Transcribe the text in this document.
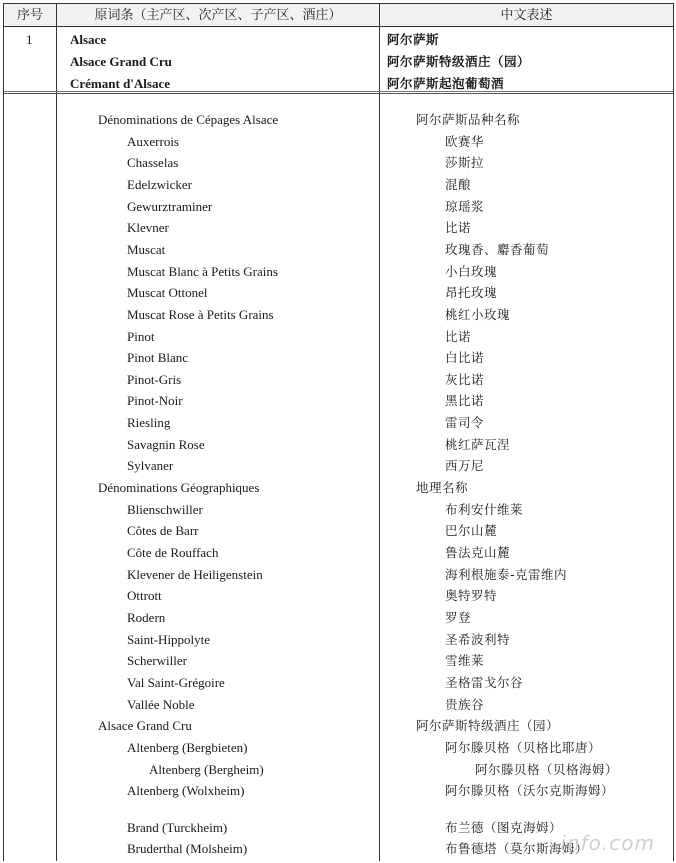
序号	原词条（主产区、次产区、子产区、酒庄）	中文表述
1	Alsace	阿尔萨斯
Alsace Grand Cru	阿尔萨斯特级酒庄（园）
Crémant d'Alsace	阿尔萨斯起泡葡萄酒
Dénominations de Cépages Alsace	阿尔萨斯品种名称
Auxerrois	欧赛华
Chasselas	莎斯拉
Edelzwicker	混酿
Gewurztraminer	琼瑶浆
Klevner	比诺
Muscat	玫瑰香、麝香葡萄
Muscat Blanc à Petits Grains	小白玫瑰
Muscat Ottonel	昂托玫瑰
Muscat Rose à Petits Grains	桃红小玫瑰
Pinot	比诺
Pinot Blanc	白比诺
Pinot-Gris	灰比诺
Pinot-Noir	黑比诺
Riesling	雷司令
Savagnin Rose	桃红萨瓦涅
Sylvaner	西万尼
Dénominations Géographiques	地理名称
Blienschwiller	布利安什维莱
Côtes de Barr	巴尔山麓
Côte de Rouffach	鲁法克山麓
Klevener de Heiligenstein	海利根施泰-克雷维内
Ottrott	奥特罗特
Rodern	罗登
Saint-Hippolyte	圣希波利特
Scherwiller	雪维莱
Val Saint-Grégoire	圣格雷戈尔谷
Vallée Noble	贵族谷
Alsace Grand Cru	阿尔萨斯特级酒庄（园）
Altenberg (Bergbieten)	阿尔滕贝格（贝格比耶唐）
Altenberg (Bergheim)	阿尔滕贝格（贝格海姆）
Altenberg (Wolxheim)	阿尔滕贝格（沃尔克斯海姆）
Brand (Turckheim)	布兰德（图克海姆）
Bruderthal (Molsheim)	布鲁德塔（莫尔斯海姆）
info.com
